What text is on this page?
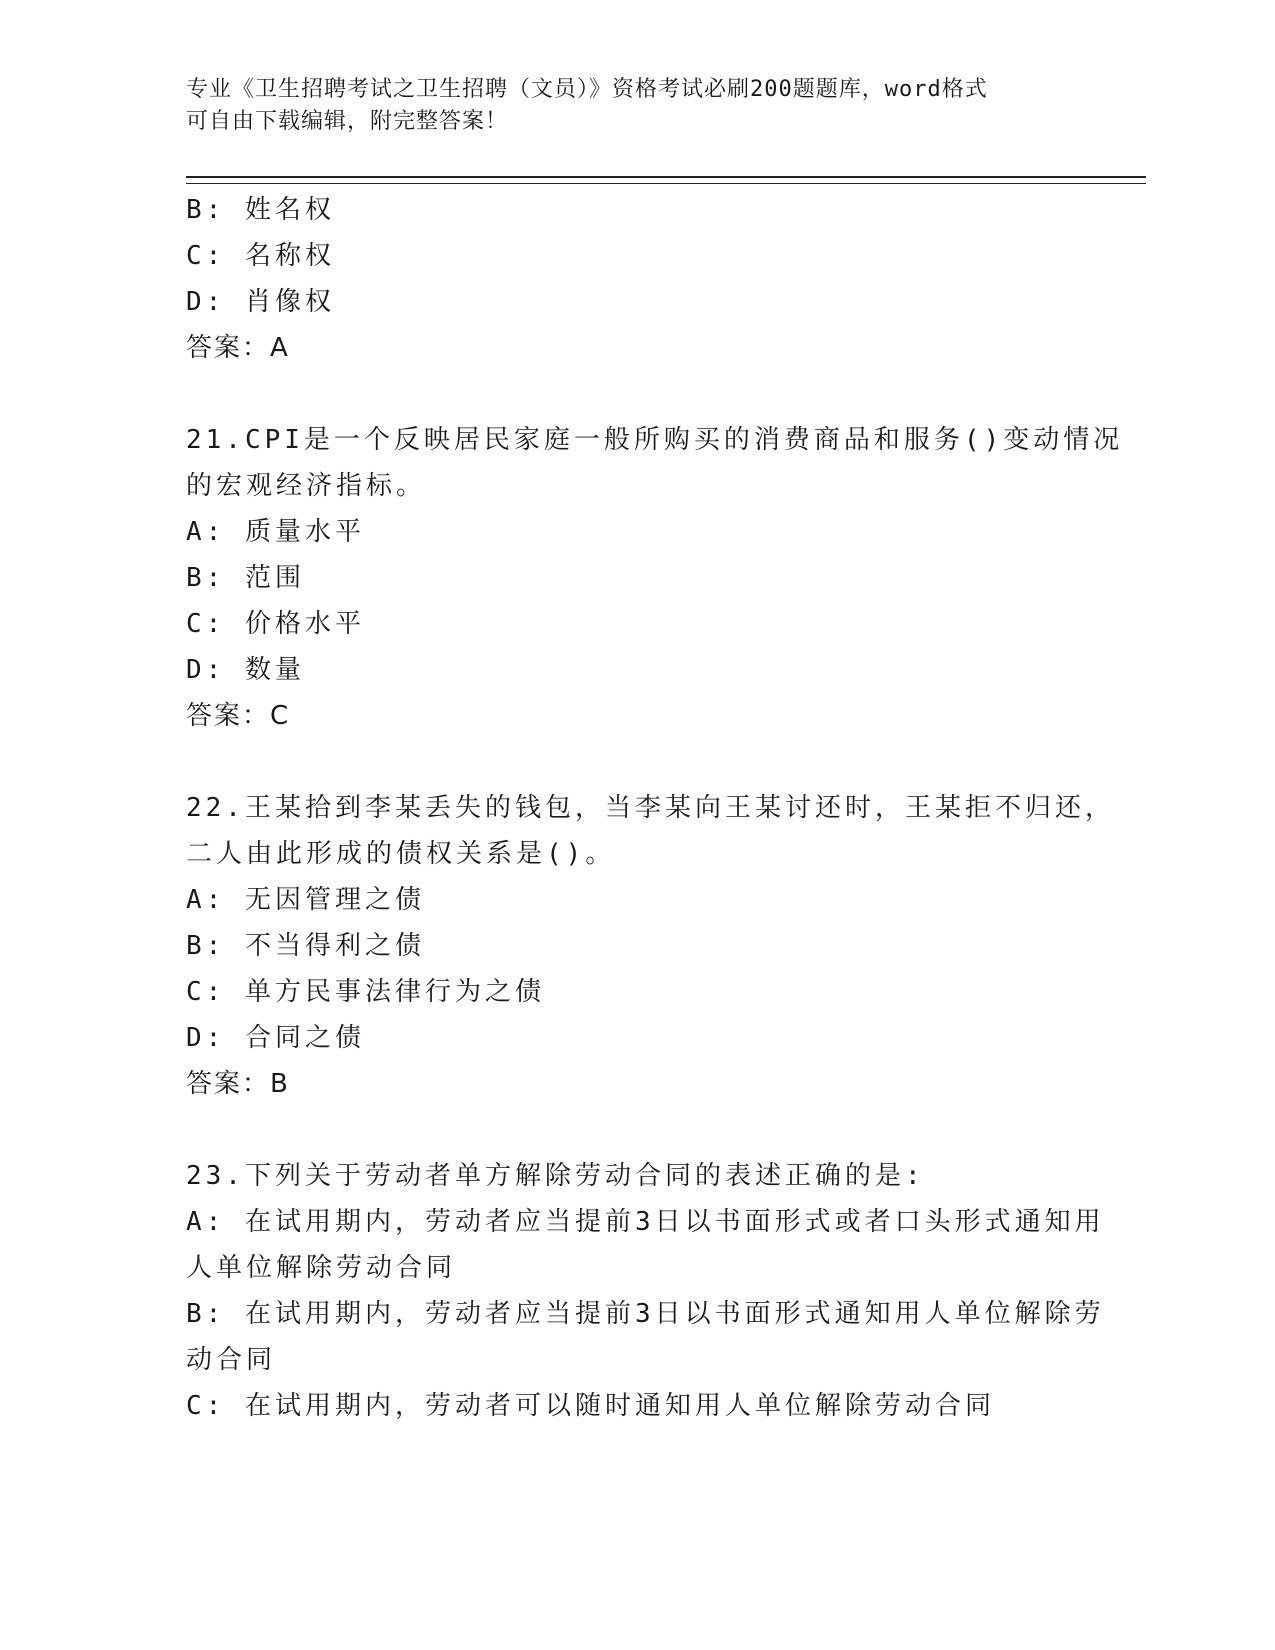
专业《卫生招聘考试之卫生招聘（文员）》资格考试必刷200题题库，word格式
可自由下载编辑，附完整答案！
B: 姓名权
C: 名称权
D: 肖像权
答案：A
21.CPI是一个反映居民家庭一般所购买的消费商品和服务()变动情况
的宏观经济指标。
A: 质量水平
B: 范围
C: 价格水平
D: 数量
答案：C
22.王某拾到李某丢失的钱包，当李某向王某讨还时，王某拒不归还，
二人由此形成的债权关系是()。
A: 无因管理之债
B: 不当得利之债
C: 单方民事法律行为之债
D: 合同之债
答案：B
23.下列关于劳动者单方解除劳动合同的表述正确的是:
A: 在试用期内，劳动者应当提前3日以书面形式或者口头形式通知用
人单位解除劳动合同
B: 在试用期内，劳动者应当提前3日以书面形式通知用人单位解除劳
动合同
C: 在试用期内，劳动者可以随时通知用人单位解除劳动合同
